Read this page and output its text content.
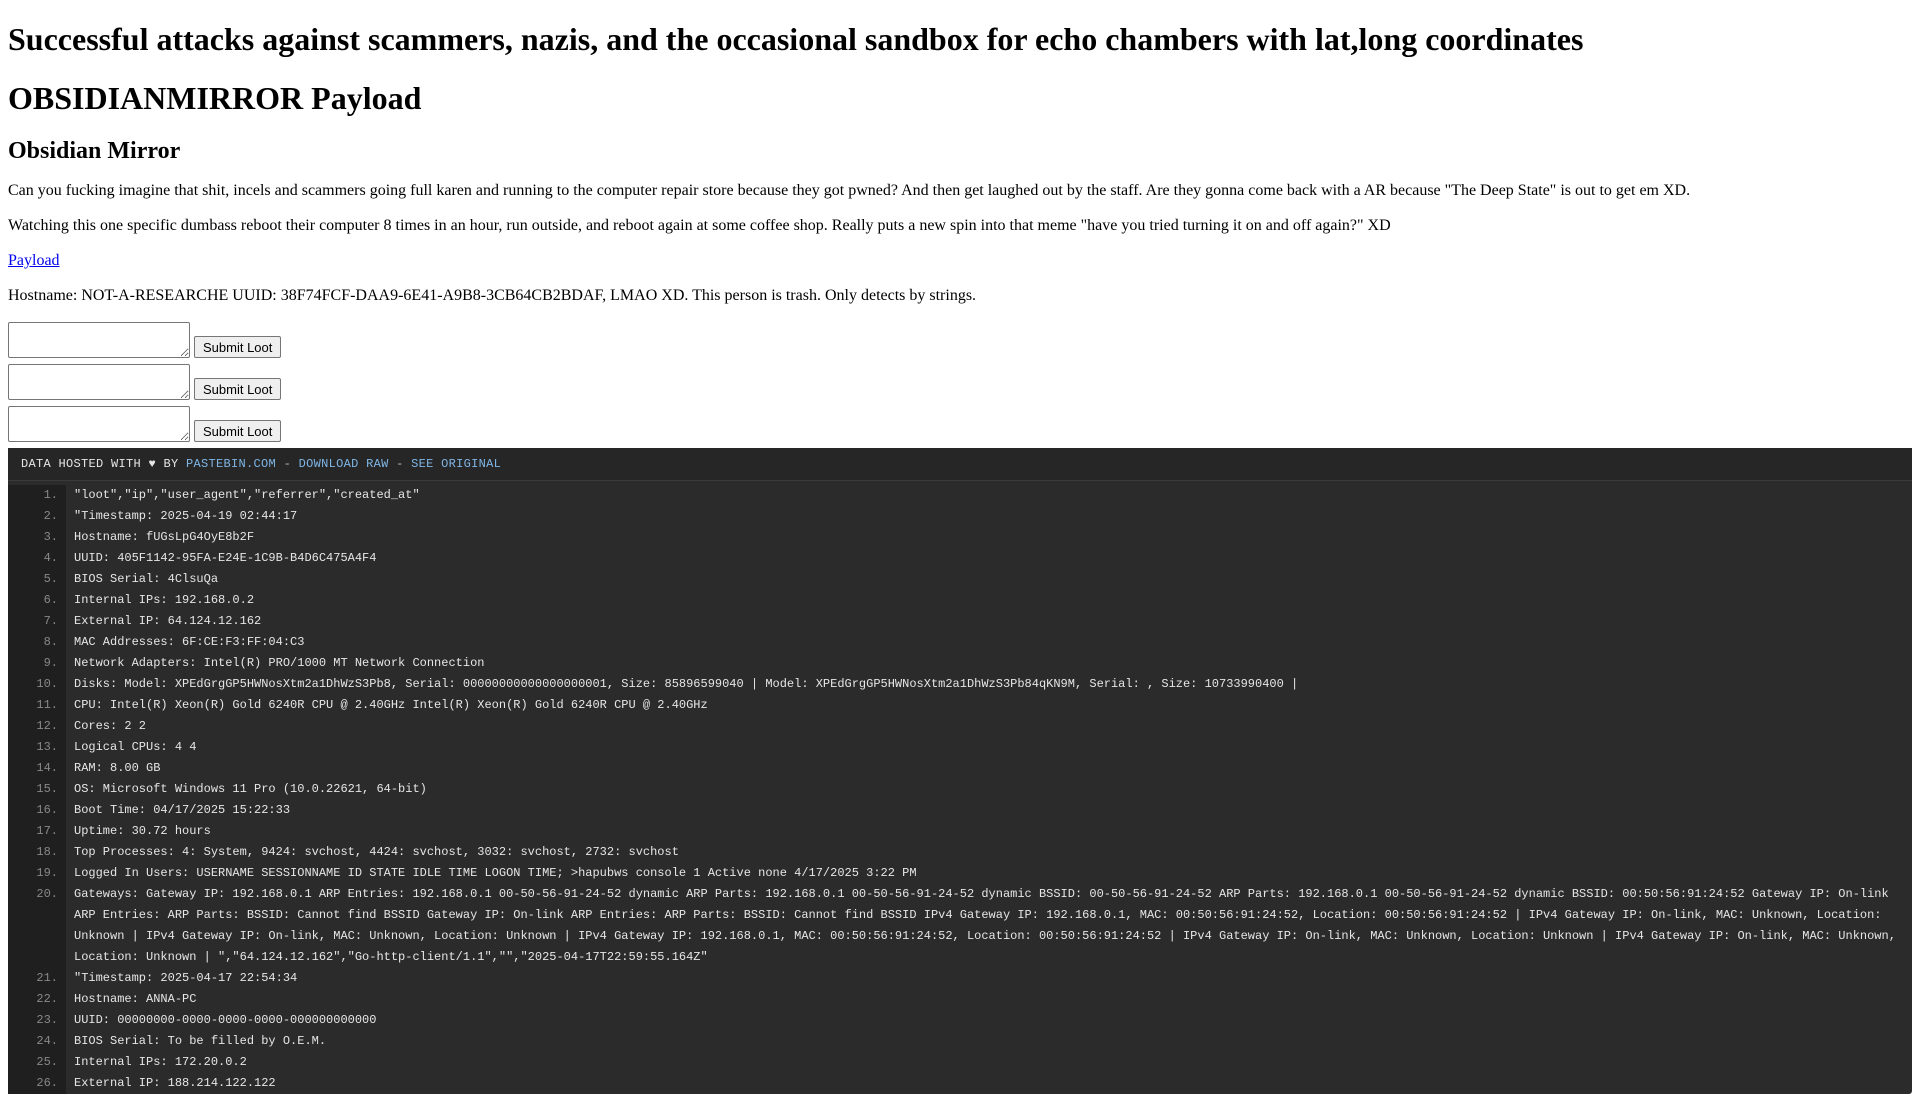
Successful attacks against scammers, nazis, and the occasional sandbox for echo chambers with lat,long coordinates
OBSIDIANMIRROR Payload
Obsidian Mirror

Can you fucking imagine that shit, incels and scammers going full karen and running to the computer repair store because they got pwned? And then get laughed out by the staff. Are they gonna come back with a AR because "The Deep State" is out to get em XD.

Watching this one specific dumbass reboot their computer 8 times in an hour, run outside, and reboot again at some coffee shop. Really puts a new spin into that meme "have you tried turning it on and off again?" XD

Payload

Hostname: NOT-A-RESEARCHE UUID: 38F74FCF-DAA9-6E41-A9B8-3CB64CB2BDAF, LMAO XD. This person is trash. Only detects by strings.

Submit Loot
Submit Loot
Submit Loot
DATA HOSTED WITH ♥ BY PASTEBIN.COM - DOWNLOAD RAW - SEE ORIGINAL
1.	"loot","ip","user_agent","referrer","created_at"
2.	"Timestamp: 2025-04-19 02:44:17
3.	Hostname: fUGsLpG4OyE8b2F
4.	UUID: 405F1142-95FA-E24E-1C9B-B4D6C475A4F4
5.	BIOS Serial: 4ClsuQa
6.	Internal IPs: 192.168.0.2
7.	External IP: 64.124.12.162
8.	MAC Addresses: 6F:CE:F3:FF:04:C3
9.	Network Adapters: Intel(R) PRO/1000 MT Network Connection
10.	Disks: Model: XPEdGrgGP5HWNosXtm2a1DhWzS3Pb8, Serial: 00000000000000000001, Size: 85896599040 | Model: XPEdGrgGP5HWNosXtm2a1DhWzS3Pb84qKN9M, Serial: , Size: 10733990400 |
11.	CPU: Intel(R) Xeon(R) Gold 6240R CPU @ 2.40GHz Intel(R) Xeon(R) Gold 6240R CPU @ 2.40GHz
12.	Cores: 2 2
13.	Logical CPUs: 4 4
14.	RAM: 8.00 GB
15.	OS: Microsoft Windows 11 Pro (10.0.22621, 64-bit)
16.	Boot Time: 04/17/2025 15:22:33
17.	Uptime: 30.72 hours
18.	Top Processes: 4: System, 9424: svchost, 4424: svchost, 3032: svchost, 2732: svchost
19.	Logged In Users: USERNAME SESSIONNAME ID STATE IDLE TIME LOGON TIME; >hapubws console 1 Active none 4/17/2025 3:22 PM
20.	Gateways: Gateway IP: 192.168.0.1 ARP Entries: 192.168.0.1 00-50-56-91-24-52 dynamic ARP Parts: 192.168.0.1 00-50-56-91-24-52 dynamic BSSID: 00-50-56-91-24-52 ARP Parts: 192.168.0.1 00-50-56-91-24-52 dynamic BSSID: 00:50:56:91:24:52 Gateway IP: On-link ARP Entries: ARP Parts: BSSID: Cannot find BSSID Gateway IP: On-link ARP Entries: ARP Parts: BSSID: Cannot find BSSID IPv4 Gateway IP: 192.168.0.1, MAC: 00:50:56:91:24:52, Location: 00:50:56:91:24:52 | IPv4 Gateway IP: On-link, MAC: Unknown, Location: Unknown | IPv4 Gateway IP: On-link, MAC: Unknown, Location: Unknown | IPv4 Gateway IP: 192.168.0.1, MAC: 00:50:56:91:24:52, Location: 00:50:56:91:24:52 | IPv4 Gateway IP: On-link, MAC: Unknown, Location: Unknown | IPv4 Gateway IP: On-link, MAC: Unknown, Location: Unknown | ","64.124.12.162","Go-http-client/1.1","","2025-04-17T22:59:55.164Z"
21.	"Timestamp: 2025-04-17 22:54:34
22.	Hostname: ANNA-PC
23.	UUID: 00000000-0000-0000-0000-000000000000
24.	BIOS Serial: To be filled by O.E.M.
25.	Internal IPs: 172.20.0.2
26.	External IP: 188.214.122.122
